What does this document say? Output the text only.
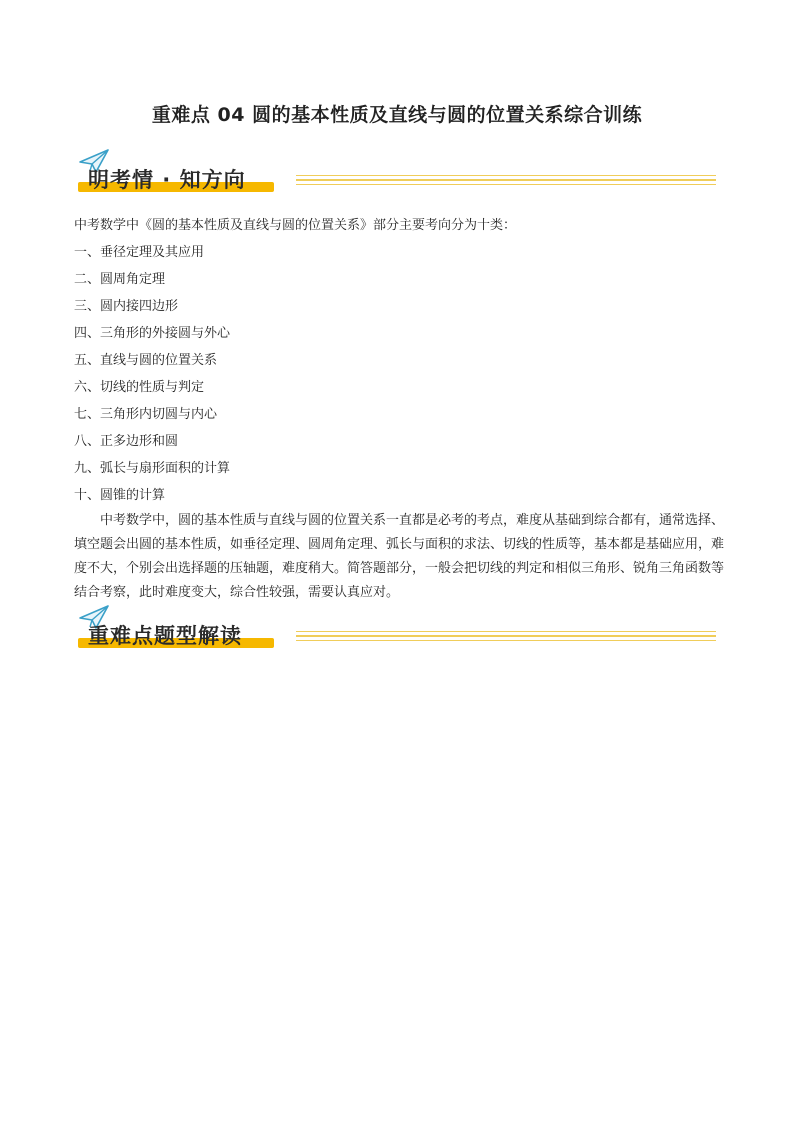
重难点 04 圆的基本性质及直线与圆的位置关系综合训练
明考情 · 知方向
中考数学中《圆的基本性质及直线与圆的位置关系》部分主要考向分为十类：
一、垂径定理及其应用
二、圆周角定理
三、圆内接四边形
四、三角形的外接圆与外心
五、直线与圆的位置关系
六、切线的性质与判定
七、三角形内切圆与内心
八、正多边形和圆
九、弧长与扇形面积的计算
十、圆锥的计算
中考数学中，圆的基本性质与直线与圆的位置关系一直都是必考的考点，难度从基础到综合都有，通常选择、填空题会出圆的基本性质，如垂径定理、圆周角定理、弧长与面积的求法、切线的性质等，基本都是基础应用，难度不大，个别会出选择题的压轴题，难度稍大。简答题部分，一般会把切线的判定和相似三角形、锐角三角函数等结合考察，此时难度变大，综合性较强，需要认真应对。
重难点题型解读
